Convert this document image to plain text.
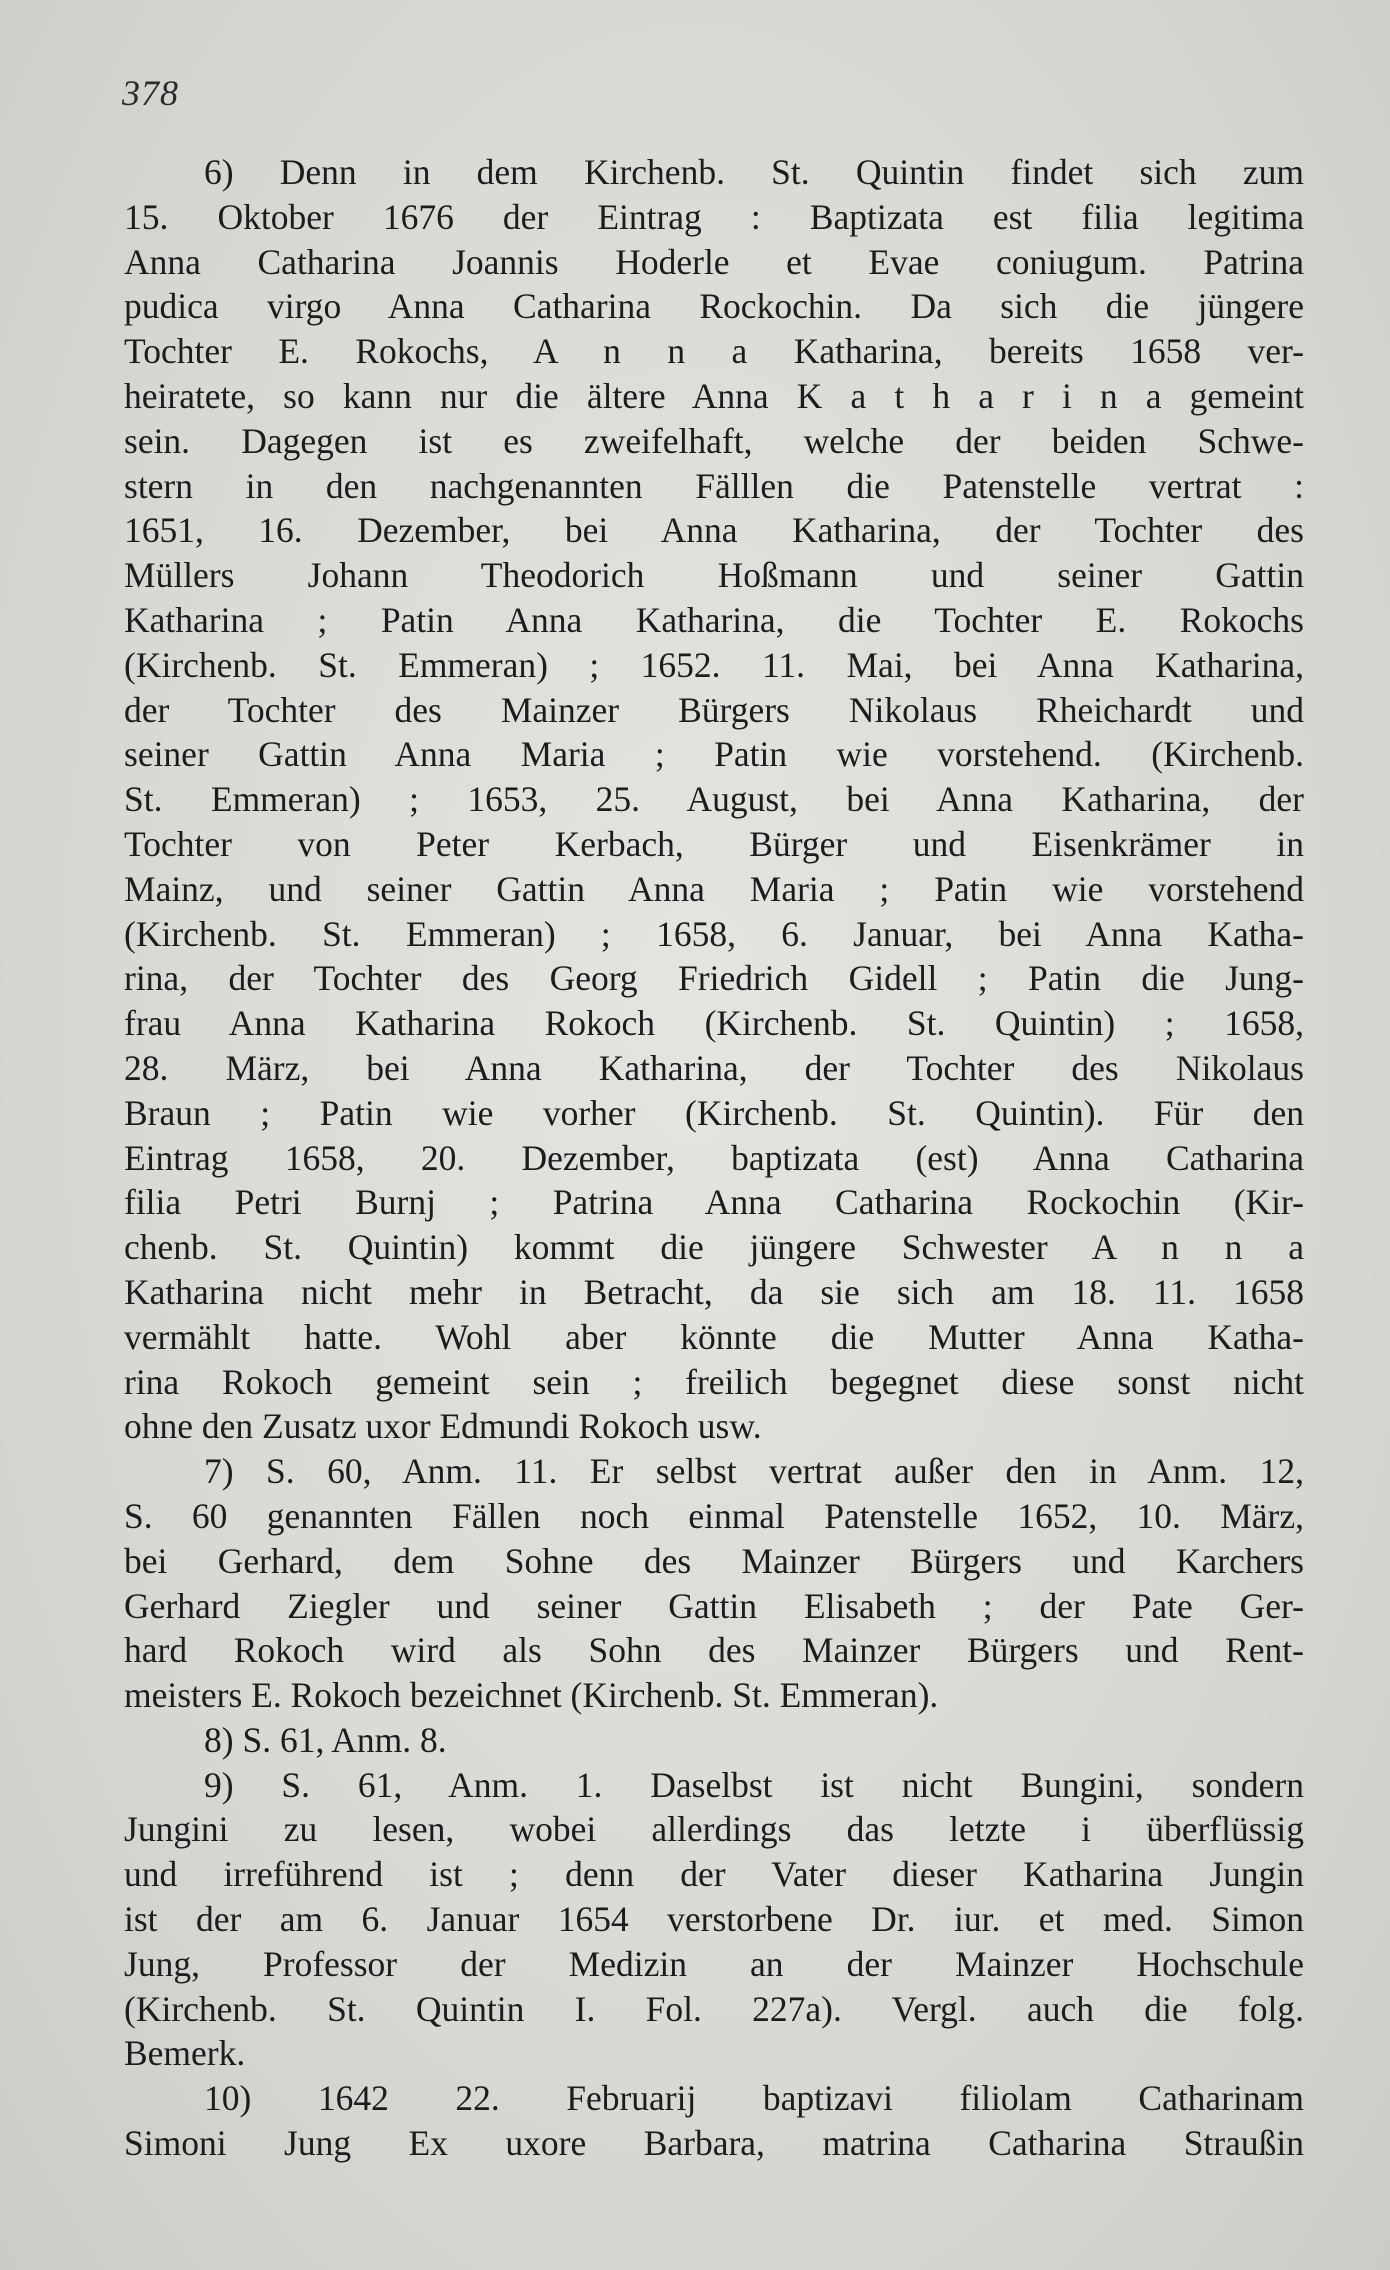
378
6) Denn in dem Kirchenb. St. Quintin findet sich zum
15. Oktober 1676 der Eintrag : Baptizata est filia legitima
Anna Catharina Joannis Hoderle et Evae coniugum. Patrina
pudica virgo Anna Catharina Rockochin. Da sich die jüngere
Tochter E. Rokochs, A n n a Katharina, bereits 1658 ver-
heiratete, so kann nur die ältere Anna K a t h a r i n a gemeint
sein. Dagegen ist es zweifelhaft, welche der beiden Schwe-
stern in den nachgenannten Fälllen die Patenstelle vertrat :
1651, 16. Dezember, bei Anna Katharina, der Tochter des
Müllers Johann Theodorich Hoßmann und seiner Gattin
Katharina ; Patin Anna Katharina, die Tochter E. Rokochs
(Kirchenb. St. Emmeran) ; 1652. 11. Mai, bei Anna Katharina,
der Tochter des Mainzer Bürgers Nikolaus Rheichardt und
seiner Gattin Anna Maria ; Patin wie vorstehend. (Kirchenb.
St. Emmeran) ; 1653, 25. August, bei Anna Katharina, der
Tochter von Peter Kerbach, Bürger und Eisenkrämer in
Mainz, und seiner Gattin Anna Maria ; Patin wie vorstehend
(Kirchenb. St. Emmeran) ; 1658, 6. Januar, bei Anna Katha-
rina, der Tochter des Georg Friedrich Gidell ; Patin die Jung-
frau Anna Katharina Rokoch (Kirchenb. St. Quintin) ; 1658,
28. März, bei Anna Katharina, der Tochter des Nikolaus
Braun ; Patin wie vorher (Kirchenb. St. Quintin). Für den
Eintrag 1658, 20. Dezember, baptizata (est) Anna Catharina
filia Petri Burnj ; Patrina Anna Catharina Rockochin (Kir-
chenb. St. Quintin) kommt die jüngere Schwester A n n a
Katharina nicht mehr in Betracht, da sie sich am 18. 11. 1658
vermählt hatte. Wohl aber könnte die Mutter Anna Katha-
rina Rokoch gemeint sein ; freilich begegnet diese sonst nicht
ohne den Zusatz uxor Edmundi Rokoch usw.
7) S. 60, Anm. 11. Er selbst vertrat außer den in Anm. 12,
S. 60 genannten Fällen noch einmal Patenstelle 1652, 10. März,
bei Gerhard, dem Sohne des Mainzer Bürgers und Karchers
Gerhard Ziegler und seiner Gattin Elisabeth ; der Pate Ger-
hard Rokoch wird als Sohn des Mainzer Bürgers und Rent-
meisters E. Rokoch bezeichnet (Kirchenb. St. Emmeran).
8) S. 61, Anm. 8.
9) S. 61, Anm. 1. Daselbst ist nicht Bungini, sondern
Jungini zu lesen, wobei allerdings das letzte i überflüssig
und irreführend ist ; denn der Vater dieser Katharina Jungin
ist der am 6. Januar 1654 verstorbene Dr. iur. et med. Simon
Jung, Professor der Medizin an der Mainzer Hochschule
(Kirchenb. St. Quintin I. Fol. 227a). Vergl. auch die folg.
Bemerk.
10) 1642 22. Februarij baptizavi filiolam Catharinam
Simoni Jung Ex uxore Barbara, matrina Catharina Straußin
